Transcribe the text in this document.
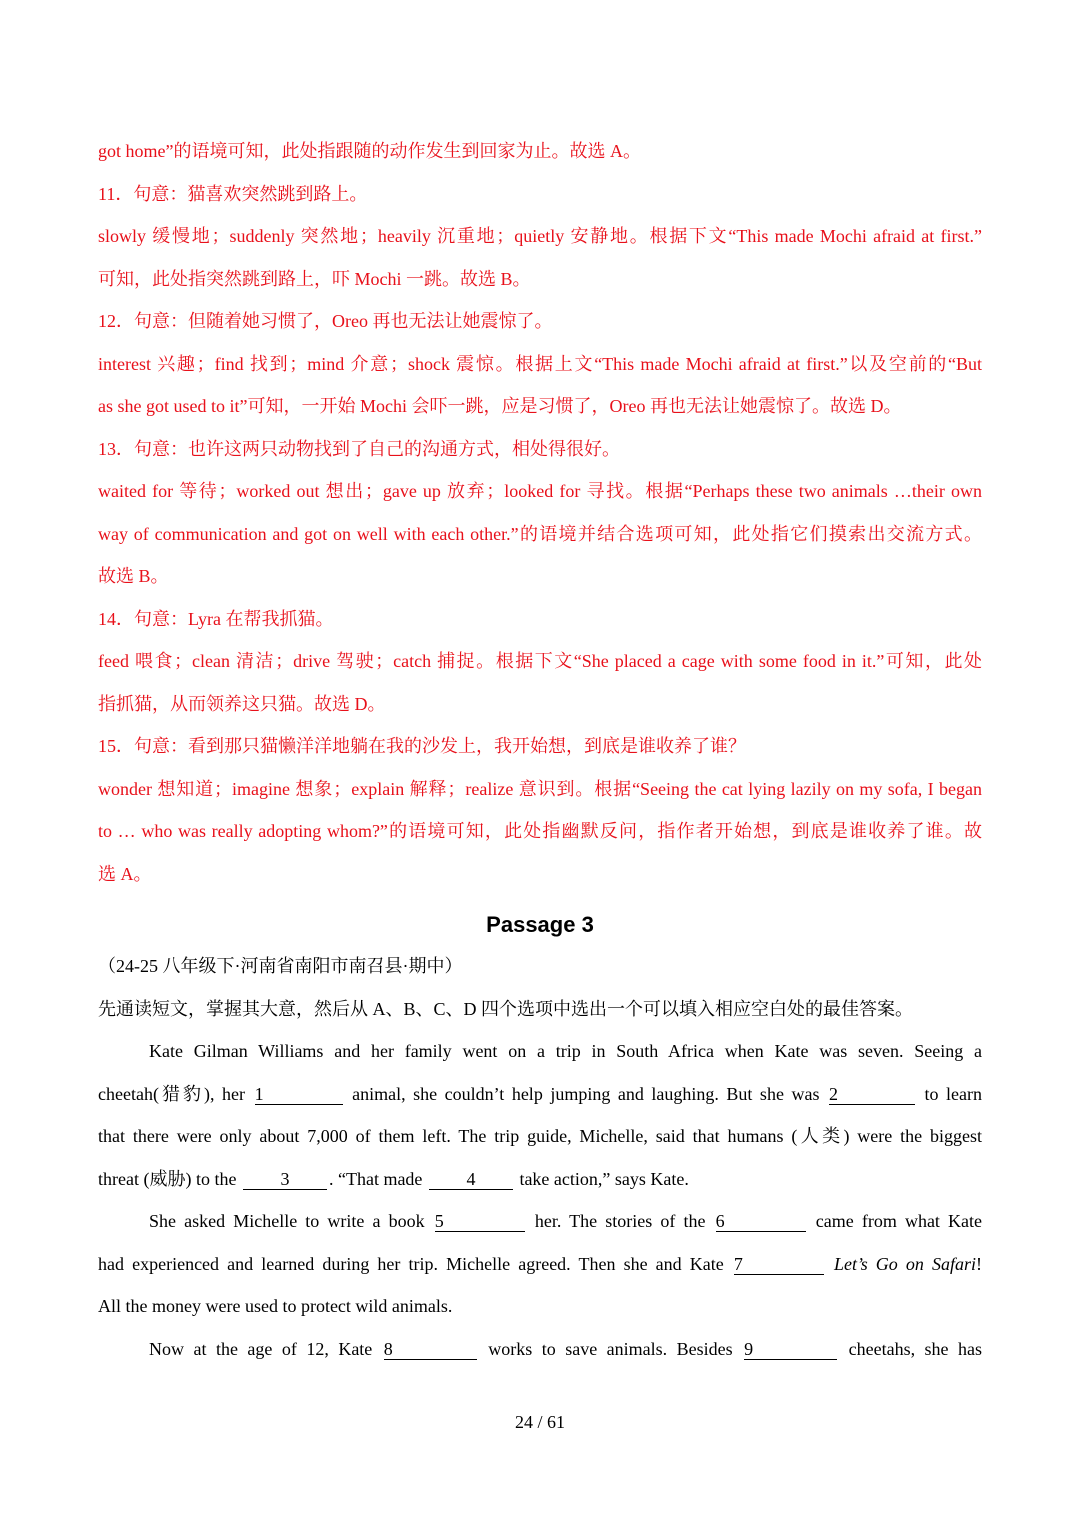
got home”的语境可知，此处指跟随的动作发生到回家为止。故选 A。
11．句意：猫喜欢突然跳到路上。
slowly 缓慢地；suddenly 突然地；heavily 沉重地；quietly 安静地。根据下文“This made Mochi afraid at first.”
可知，此处指突然跳到路上，吓 Mochi 一跳。故选 B。
12．句意：但随着她习惯了，Oreo 再也无法让她震惊了。
interest 兴趣；find 找到；mind 介意；shock 震惊。根据上文“This made Mochi afraid at first.”以及空前的“But
as she got used to it”可知，一开始 Mochi 会吓一跳，应是习惯了，Oreo 再也无法让她震惊了。故选 D。
13．句意：也许这两只动物找到了自己的沟通方式，相处得很好。
waited for 等待；worked out 想出；gave up 放弃；looked for 寻找。根据“Perhaps these two animals …their own
way of communication and got on well with each other.”的语境并结合选项可知，此处指它们摸索出交流方式。
故选 B。
14．句意：Lyra 在帮我抓猫。
feed 喂食；clean 清洁；drive 驾驶；catch 捕捉。根据下文“She placed a cage with some food in it.”可知，此处
指抓猫，从而领养这只猫。故选 D。
15．句意：看到那只猫懒洋洋地躺在我的沙发上，我开始想，到底是谁收养了谁？
wonder 想知道；imagine 想象；explain 解释；realize 意识到。根据“Seeing the cat lying lazily on my sofa, I began
to … who was really adopting whom?”的语境可知，此处指幽默反问，指作者开始想，到底是谁收养了谁。故
选 A。
Passage 3
（24-25 八年级下·河南省南阳市南召县·期中）
先通读短文，掌握其大意，然后从 A、B、C、D 四个选项中选出一个可以填入相应空白处的最佳答案。
Kate Gilman Williams and her family went on a trip in South Africa when Kate was seven. Seeing a
cheetah(猎豹), her 1	animal, she couldn’t help jumping and laughing. But she was 2	to learn
that there were only about 7,000 of them left. The trip guide, Michelle, said that humans (人类) were the biggest
threat (威胁) to the 3 . “That made 4 take action,” says Kate.
She asked Michelle to write a book 5	her. The stories of the 6	came from what Kate
had experienced and learned during her trip. Michelle agreed. Then she and Kate 7	Let’s Go on Safari!
All the money were used to protect wild animals.
Now at the age of 12, Kate 8	works to save animals. Besides 9	cheetahs, she has
24 / 61
